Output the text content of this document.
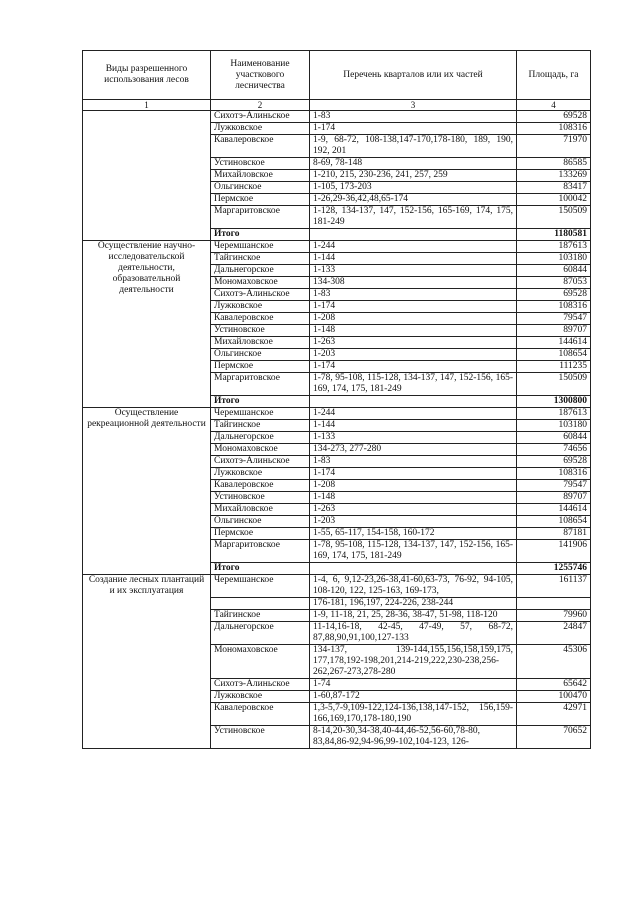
Виды разрешенного использования лесов	Наименование участкового лесничества	Перечень кварталов или их частей	Площадь, га
1	2	3	4
	Сихотэ-Алиньское	1-83	69528
	Лужковское	1-174	108316
	Кавалеровское	1-9, 68-72, 108-138,147-170,178-180, 189, 190, 192, 201	71970
	Устиновское	8-69, 78-148	86585
	Михайловское	1-210, 215, 230-236, 241, 257, 259	133269
	Ольгинское	1-105, 173-203	83417
	Пермское	1-26,29-36,42,48,65-174	100042
	Маргаритовское	1-128, 134-137, 147, 152-156, 165-169, 174, 175, 181-249	150509
	Итого		1180581
Осуществление научно-исследовательской деятельности, образовательной деятельности	Черемшанское	1-244	187613
	Тайгинское	1-144	103180
	Дальнегорское	1-133	60844
	Мономаховское	134-308	87053
	Сихотэ-Алиньское	1-83	69528
	Лужковское	1-174	108316
	Кавалеровское	1-208	79547
	Устиновское	1-148	89707
	Михайловское	1-263	144614
	Ольгинское	1-203	108654
	Пермское	1-174	111235
	Маргаритовское	1-78, 95-108, 115-128, 134-137, 147, 152-156, 165-169, 174, 175, 181-249	150509
	Итого		1300800
Осуществление рекреационной деятельности	Черемшанское	1-244	187613
	Тайгинское	1-144	103180
	Дальнегорское	1-133	60844
	Мономаховское	134-273, 277-280	74656
	Сихотэ-Алиньское	1-83	69528
	Лужковское	1-174	108316
	Кавалеровское	1-208	79547
	Устиновское	1-148	89707
	Михайловское	1-263	144614
	Ольгинское	1-203	108654
	Пермское	1-55, 65-117, 154-158, 160-172	87181
	Маргаритовское	1-78, 95-108, 115-128, 134-137, 147, 152-156, 165-169, 174, 175, 181-249	141906
	Итого		1255746
Создание лесных плантаций и их эксплуатация	Черемшанское	1-4, 6, 9,12-23,26-38,41-60,63-73, 76-92, 94-105, 108-120, 122, 125-163, 169-173,	161137
		176-181, 196,197, 224-226, 238-244	
	Тайгинское	1-9, 11-18, 21, 25, 28-36, 38-47, 51-98, 118-120	79960
	Дальнегорское	11-14,16-18, 42-45, 47-49, 57, 68-72, 87,88,90,91,100,127-133	24847
	Мономаховское	134-137, 139-144,155,156,158,159,175, 177,178,192-198,201,214-219,222,230-238,256-262,267-273,278-280	45306
	Сихотэ-Алиньское	1-74	65642
	Лужковское	1-60,87-172	100470
	Кавалеровское	1,3-5,7-9,109-122,124-136,138,147-152, 156,159-166,169,170,178-180,190	42971
	Устиновское	8-14,20-30,34-38,40-44,46-52,56-60,78-80, 83,84,86-92,94-96,99-102,104-123, 126-	70652
